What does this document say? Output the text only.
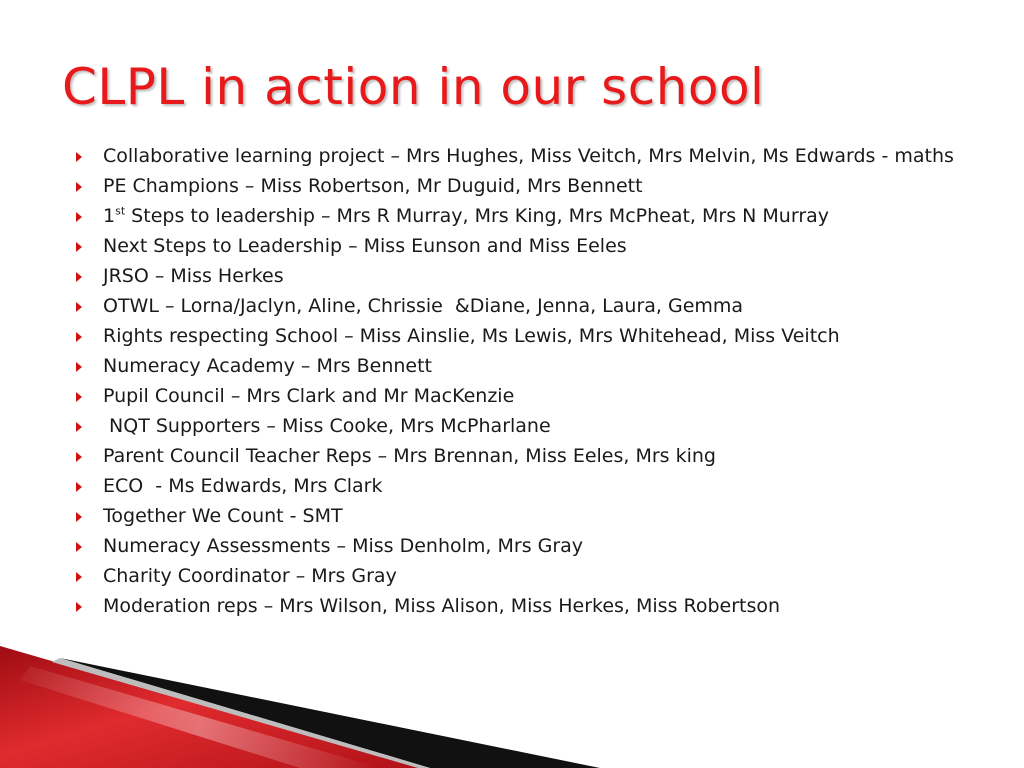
CLPL in action in our school
Collaborative learning project – Mrs Hughes, Miss Veitch, Mrs Melvin, Ms Edwards - maths
PE Champions – Miss Robertson, Mr Duguid, Mrs Bennett
1st Steps to leadership – Mrs R Murray, Mrs King, Mrs McPheat, Mrs N Murray
Next Steps to Leadership – Miss Eunson and Miss Eeles
JRSO – Miss Herkes
OTWL – Lorna/Jaclyn, Aline, Chrissie  &Diane, Jenna, Laura, Gemma
Rights respecting School – Miss Ainslie, Ms Lewis, Mrs Whitehead, Miss Veitch
Numeracy Academy – Mrs Bennett
Pupil Council – Mrs Clark and Mr MacKenzie
NQT Supporters – Miss Cooke, Mrs McPharlane
Parent Council Teacher Reps – Mrs Brennan, Miss Eeles, Mrs king
ECO  - Ms Edwards, Mrs Clark
Together We Count - SMT
Numeracy Assessments – Miss Denholm, Mrs Gray
Charity Coordinator – Mrs Gray
Moderation reps – Mrs Wilson, Miss Alison, Miss Herkes, Miss Robertson
